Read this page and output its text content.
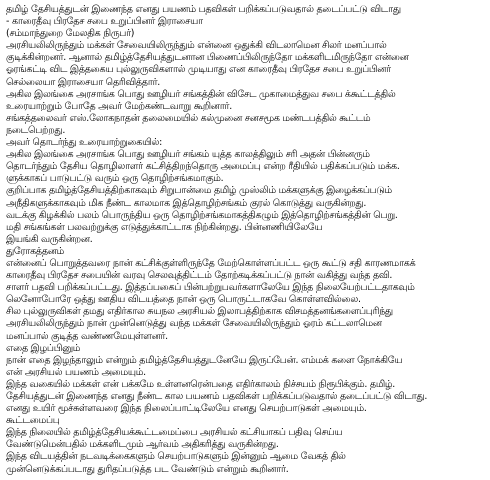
தமிழ் தேசியத்துடன் இணைந்த எனது பயணம் பதவிகள் பறிக்கப்படுவதால் தடைப்பட்டு விடாது
- காரைதீவு பிரதேச சபை உறுப்பினர் இராசையா
(சம்மாந்துறை மேலதிக நிருபர்)
அரசியலிலிருந்தும் மக்கள் சேவையிலிருந்தும் என்னை ஒதுக்கி விடலாமென சிலர் மனப்பால்
குடிக்கின்றனர். ஆனால் தமிழ்த்தேசியத்துடனான பிணைப்பிலிருந்தோ மக்களிடமிருந்தோ என்னை
ஓரங்கட்டி விட இத்தகைய புல்லுருவிகளால் முடியாது என காரைதீவு பிரதேச சபை உறுப்பினர்
செல்லையா இராசையா தெரிவித்தார்.
அகில இலங்கை அரசாங்க பொது ஊழியர் சங்கத்தின் விசேட முகாமைத்துவ சபை க்கூட்டத்தில்
உரையாற்றும் போதே அவர் மேற்கண்டவாறு கூறினார்.
சங்கத்தலைவர் எஸ்.லோகநாதன் தலைமையில் கல்முனை சனசமூக மண்டபத்தில் கூட்டம்
நடைபெற்றது.
அவர் தொடர்ந்து உரையாற்றுகையில்:
அகில இலங்கை அரசாங்க பொது ஊழியர் சங்கம் யுத்த காலத்திலும் சரி அதன் பின்னரும்
தொடர்ந்தும் தேசிய தொழிலாளர் கட்சித்திறந்தொரு அமைப்பு என்ற ரீதியில் பதிக்கப்படும் மக்க.
ளுக்காகப் பாடுபட்டு வரும் ஒரு தொழிற்சங்கமாகும்.
குறிப்பாக தமிழ்த்தேசியத்திற்காகவும் சிறுபான்மை தமிழ் முஸ்லிம் மக்களுக்கு இழைக்கப்படும்
அநீதிகளுக்காகவும் மிக நீண்ட காலமாக இத்தொழிற்சங்கம் குரல் கொடுத்து வருகின்றது.
வடக்கு கிழக்கில் பலம் பொருந்திய ஒரு தொழிற்சங்கமாகத்திகழும் இத்தொழிற்சங்கத்தின் பெறு.
மதி சங்கங்கள் பலவற்றுக்கு எடுத்துக்காட்டாக நிற்கின்றது. பின்னணியிலேயே
இயங்கி வருகின்றன.
துரோகத்தனம்
என்னைப் பொறுத்தவரை நான் கட்சிக்குள்ளிருந்தே மேற்கொள்ளப்பட்ட ஒரு கூட்டு சதி காரணமாகக்
காரைதீவு பிரதேச சபையின் வரவு செலவுத்திட்டம் தோற்கடிக்கப்பட்டு நான் வகித்து வந்த தவி.
சாளர் பதவி பறிக்கப்பட்டது. இத்தப்பகைப் பின்பற்றுபவர்களாலேயே இந்த நிலையேற்பட்டதாகவும்
லெனோபோரே ஒத்து ஊதிய விடயத்தை நான் ஒரு பொருட்டாகவே கொள்ளவில்லை.
சில புல்லுருவிகள் தமது எதிர்கால சுயநல அரசியல் இலாபத்திற்காக விசமத்தனங்களைப்புரிந்து
அரசியலிலிருந்தும் நான் முன்னெடுத்து வந்த மக்கள் சேவையிலிருந்தும் ஓரம் கட்டலாமென
மனப்பால் குடித்த வண்ணமேயுள்ளனர்.
எதை இழப்பினும்
நான் எதை இழந்தாலும் என்றும் தமிழ்த்தேசியத்துடனேயே இருப்பேன். எம்மக் களை நோக்கியே
என் அரசியல் பயணம் அமையும்.
இந்த வகையில் மக்கள் என் பக்கமே உள்ளனரென்பதை எதிர்காலம் நிச்சயம் நிரூபிக்கும். தமிழ்.
தேசியத்துடன் இணைந்த எனது நீண்ட கால பயணம் பதவிகள் பறிக்கப்படுவதால் தடைப்பட்டு விடாது.
எனது உயிர் மூச்சுள்ளவரை இந்த நிலைப்பாட்டிலேயே எனது செயற்பாடுகள் அமையும்.
கூட்டமைப்பு
இந்த நிலையில் தமிழ்த்தேசியக்கூட்டமைப்பை அரசியல் கட்சியாகப் பதிவு செய்ய
வேண்டுமென்பதில் மக்களிடமும் ஆர்வம் அதிகரித்து வருகின்றது.
இந்த விடயத்தின் நடவடிக்கைகளும் செயற்பாடுகளும் இன்னும் ஆமை வேகத் தில்
முன்னெடுக்கப்படாது துரிதப்படுத்த பட வேண்டும் என்றும் கூறினார்.
